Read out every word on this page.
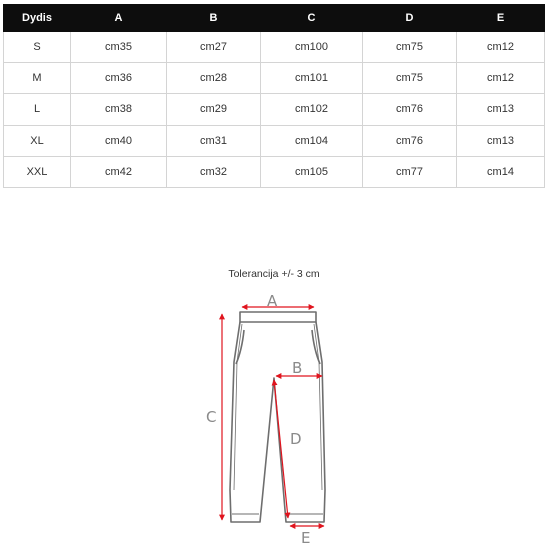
Dydis	A	B	C	D	E
S	cm35	cm27	cm100	cm75	cm12
M	cm36	cm28	cm101	cm75	cm12
L	cm38	cm29	cm102	cm76	cm13
XL	cm40	cm31	cm104	cm76	cm13
XXL	cm42	cm32	cm105	cm77	cm14
Tolerancija +/- 3 cm
A
B
C
D
E
